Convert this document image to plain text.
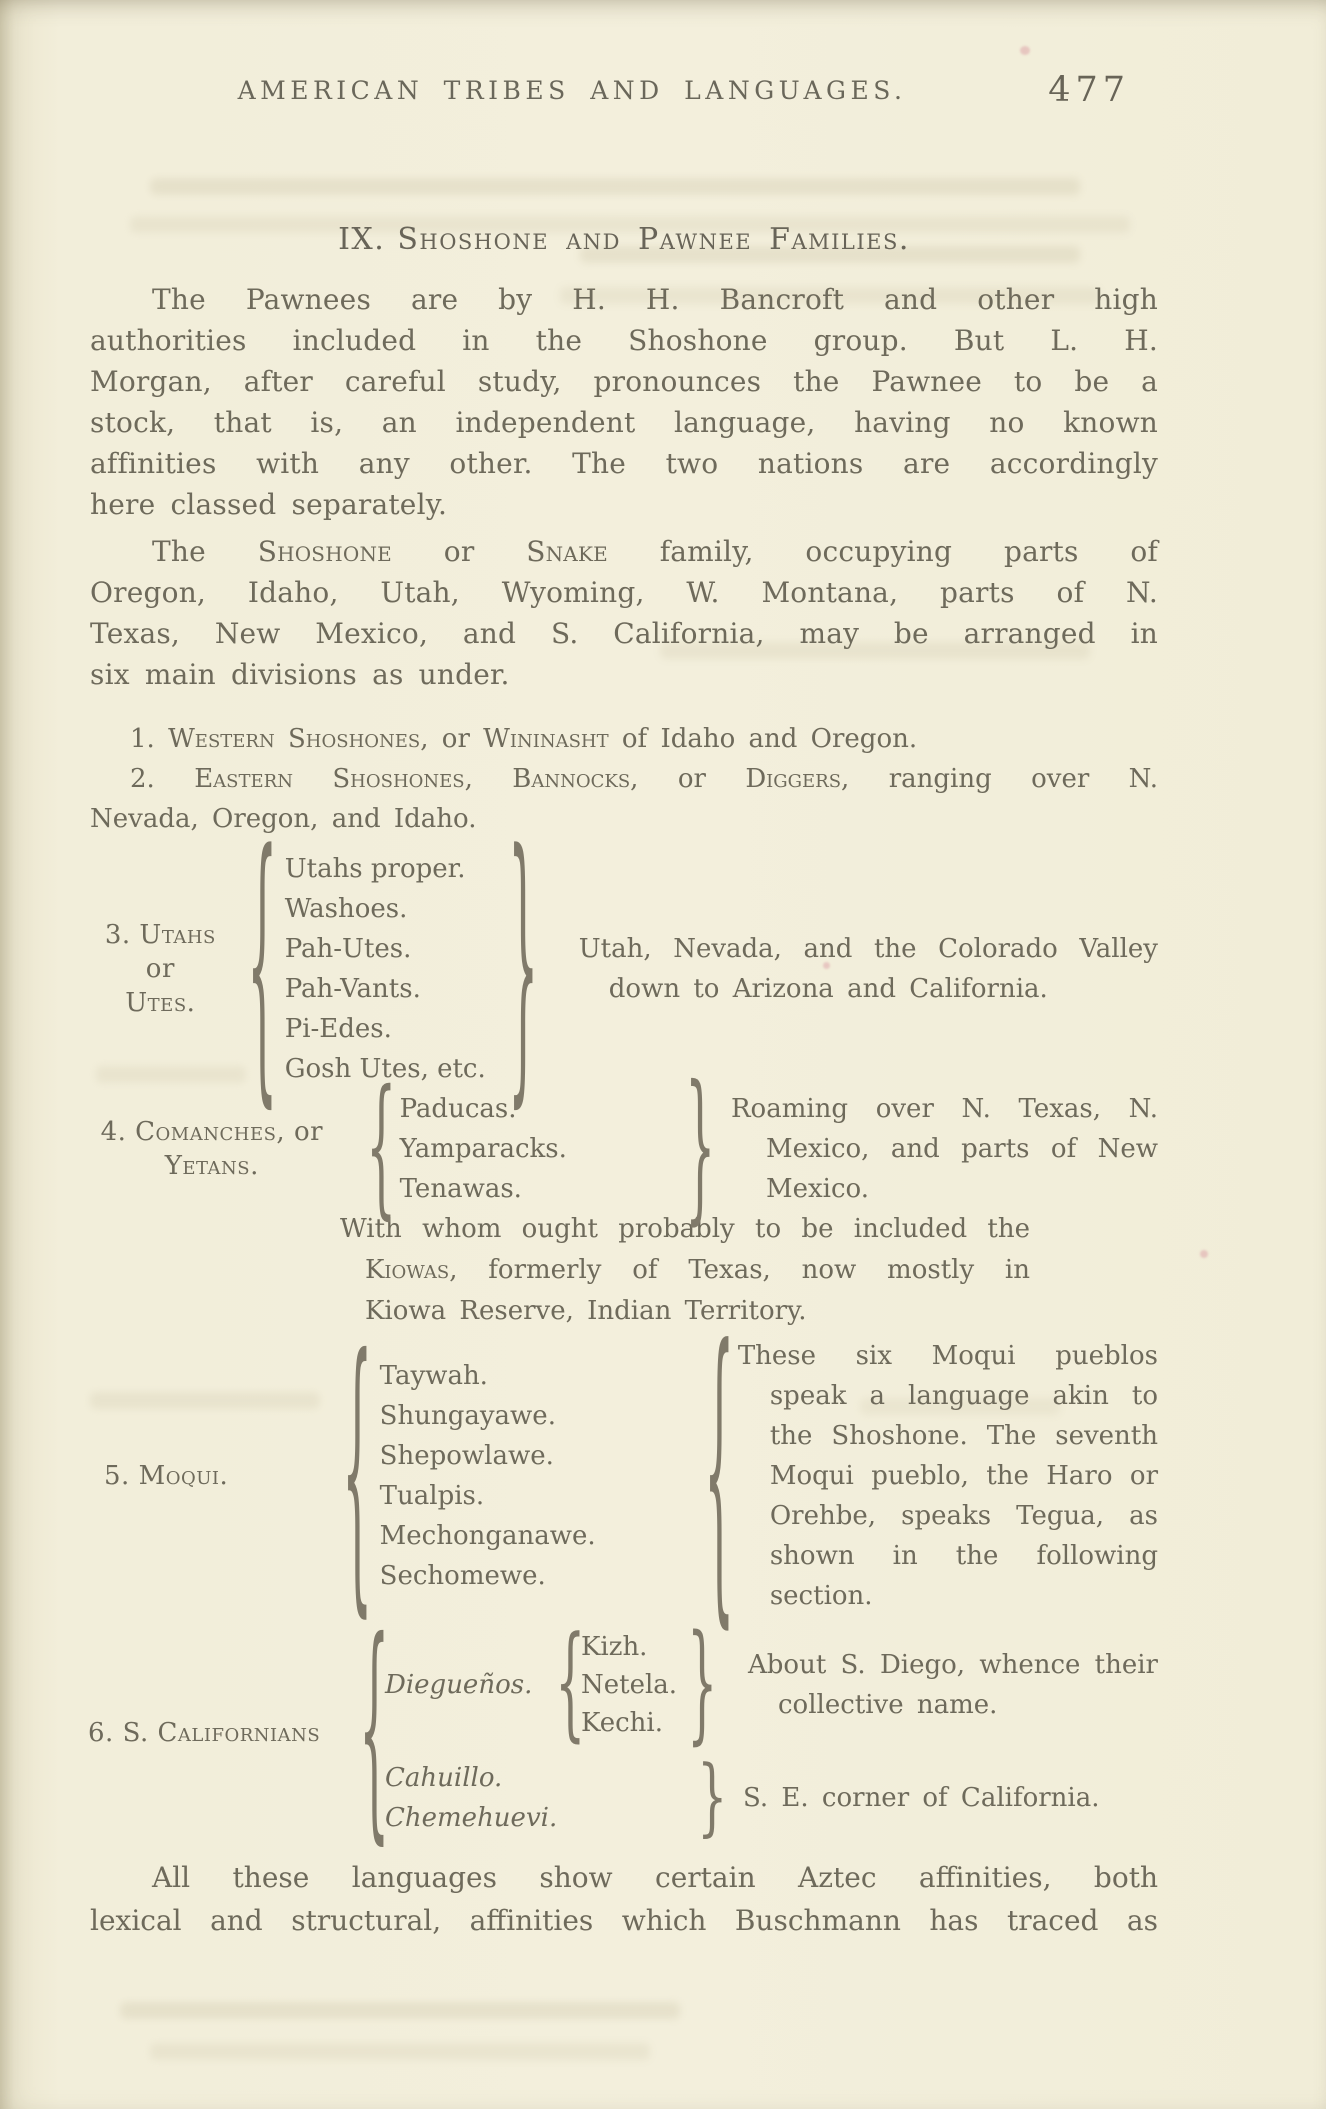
AMERICAN TRIBES AND LANGUAGES.	477
IX. Shoshone and Pawnee Families.
The Pawnees are by H. H. Bancroft and other high
authorities included in the Shoshone group. But L. H.
Morgan, after careful study, pronounces the Pawnee to be a
stock, that is, an independent language, having no known
affinities with any other. The two nations are accordingly
here classed separately.
The Shoshone or Snake family, occupying parts of
Oregon, Idaho, Utah, Wyoming, W. Montana, parts of N.
Texas, New Mexico, and S. California, may be arranged in
six main divisions as under.
1. Western Shoshones, or Wininasht of Idaho and Oregon.
2. Eastern Shoshones, Bannocks, or Diggers, ranging over N.
Nevada, Oregon, and Idaho.
3. Utahs
or
Utes. { Utahs proper.
Washoes.
Pah-Utes.
Pah-Vants.
Pi-Edes.
Gosh Utes, etc. } Utah, Nevada, and the Colorado Valley down to Arizona and California.
4. Comanches, or
Yetans.	{ Paducas.
Yamparacks.
Tenawas.	} Roaming over N. Texas, N. Mexico, and parts of New Mexico.
With whom ought probably to be included the
Kiowas, formerly of Texas, now mostly in
Kiowa Reserve, Indian Territory.
5. Moqui.	{ Taywah.
Shungayawe.
Shepowlawe.
Tualpis.
Mechonganawe.
Sechomewe.	{ These six Moqui pueblos speak a language akin to the Shoshone. The seventh Moqui pueblo, the Haro or Orehbe, speaks Tegua, as shown in the following section.
6. S. Californians {
Diegueños. {
Kizh.
Netela.
Kechi. } About S. Diego, whence their collective name.
Cahuillo.
Chemehuevi.	} S. E. corner of California.
All these languages show certain Aztec affinities, both
lexical and structural, affinities which Buschmann has traced as
